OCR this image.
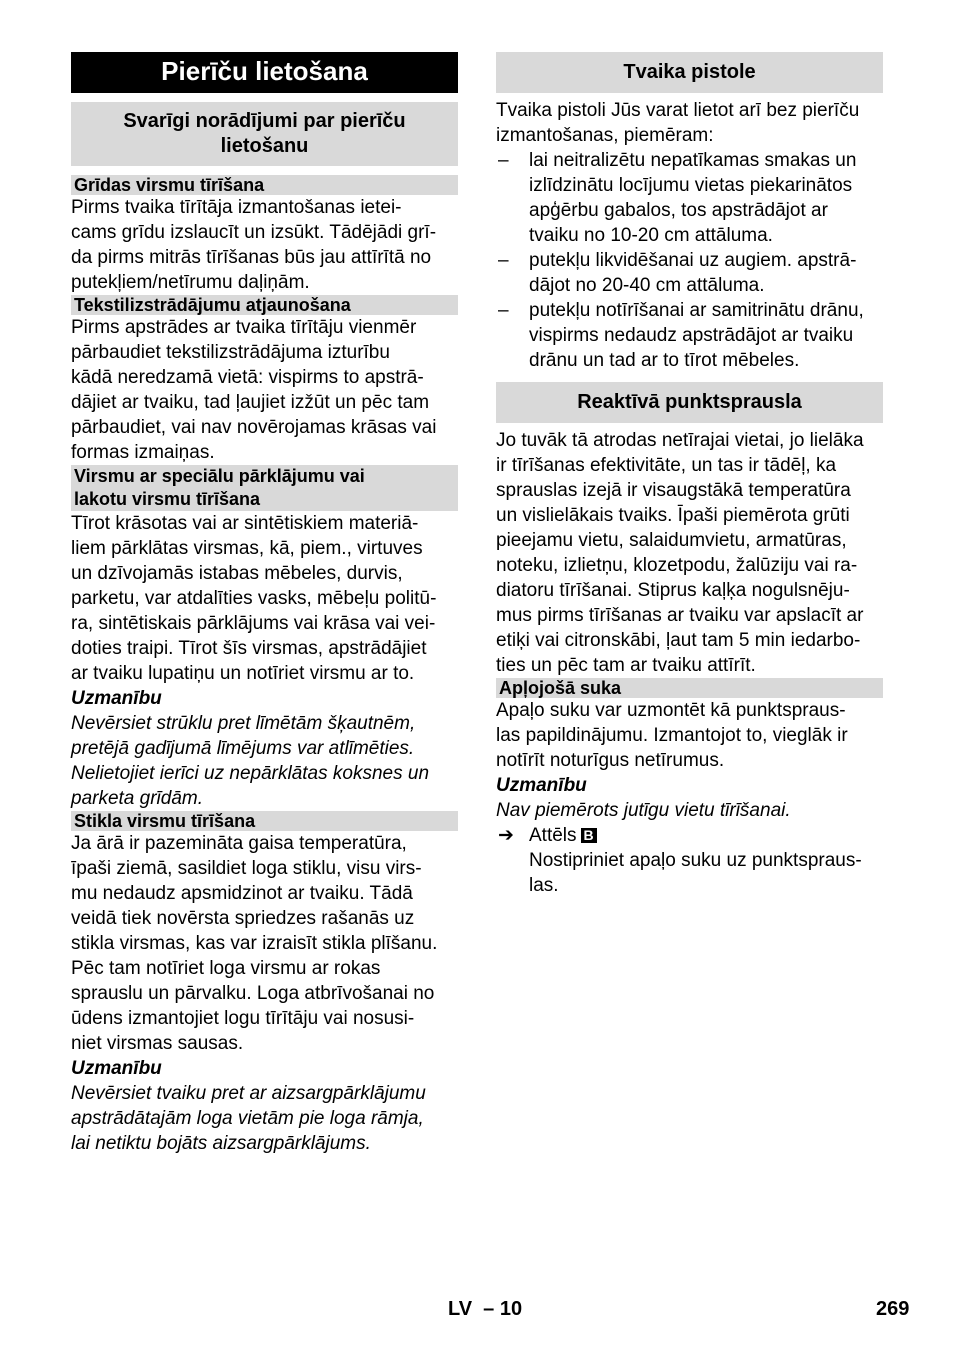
Pierīču lietošana
Svarīgi norādījumi par pierīču
lietošanu
Grīdas virsmu tīrīšana

Pirms tvaika tīrītāja izmantošanas ietei-

cams grīdu izslaucīt un izsūkt. Tādējādi grī-

da pirms mitrās tīrīšanas būs jau attīrītā no

putekļiem/netīrumu daļiņām.

Tekstilizstrādājumu atjaunošana

Pirms apstrādes ar tvaika tīrītāju vienmēr

pārbaudiet tekstilizstrādājuma izturību

kādā neredzamā vietā: vispirms to apstrā-

dājiet ar tvaiku, tad ļaujiet izžūt un pēc tam

pārbaudiet, vai nav novērojamas krāsas vai

formas izmaiņas.

Virsmu ar speciālu pārklājumu vai
lakotu virsmu tīrīšana

Tīrot krāsotas vai ar sintētiskiem materiā-

liem pārklātas virsmas, kā, piem., virtuves

un dzīvojamās istabas mēbeles, durvis,

parketu, var atdalīties vasks, mēbeļu politū-

ra, sintētiskais pārklājums vai krāsa vai vei-

doties traipi. Tīrot šīs virsmas, apstrādājiet

ar tvaiku lupatiņu un notīriet virsmu ar to.

Uzmanību

Nevērsiet strūklu pret līmētām šķautnēm,

pretējā gadījumā līmējums var atlīmēties.

Nelietojiet ierīci uz nepārklātas koksnes un

parketa grīdām.

Stikla virsmu tīrīšana

Ja ārā ir pazemināta gaisa temperatūra,

īpaši ziemā, sasildiet loga stiklu, visu virs-

mu nedaudz apsmidzinot ar tvaiku. Tādā

veidā tiek novērsta spriedzes rašanās uz

stikla virsmas, kas var izraisīt stikla plīšanu.

Pēc tam notīriet loga virsmu ar rokas

sprauslu un pārvalku. Loga atbrīvošanai no

ūdens izmantojiet logu tīrītāju vai nosusi-

niet virsmas sausas.

Uzmanību

Nevērsiet tvaiku pret ar aizsargpārklājumu

apstrādātajām loga vietām pie loga rāmja,

lai netiktu bojāts aizsargpārklājums.

Tvaika pistole

Tvaika pistoli Jūs varat lietot arī bez pierīču

izmantošanas, piemēram:

– lai neitralizētu nepatīkamas smakas un
izlīdzinātu locījumu vietas piekarinātos
apģērbu gabalos, tos apstrādājot ar
tvaiku no 10-20 cm attāluma.
– putekļu likvidēšanai uz augiem. apstrā-
dājot no 20-40 cm attāluma.
– putekļu notīrīšanai ar samitrinātu drānu,
vispirms nedaudz apstrādājot ar tvaiku
drānu un tad ar to tīrot mēbeles.
Reaktīvā punktsprausla

Jo tuvāk tā atrodas netīrajai vietai, jo lielāka

ir tīrīšanas efektivitāte, un tas ir tādēļ, ka

sprauslas izejā ir visaugstākā temperatūra

un vislielākais tvaiks. Īpaši piemērota grūti

pieejamu vietu, salaidumvietu, armatūras,

noteku, izlietņu, klozetpodu, žalūziju vai ra-

diatoru tīrīšanai. Stiprus kaļķa nogulsnēju-

mus pirms tīrīšanas ar tvaiku var apslacīt ar

etiķi vai citronskābi, ļaut tam 5 min iedarbo-

ties un pēc tam ar tvaiku attīrīt.

Apļojošā suka

Apaļo suku var uzmontēt kā punktspraus-

las papildinājumu. Izmantojot to, vieglāk ir

notīrīt noturīgus netīrumus.

Uzmanību

Nav piemērots jutīgu vietu tīrīšanai.

➔ Attēls B

Nostipriniet apaļo suku uz punktspraus-

las.

LV  – 10	269
